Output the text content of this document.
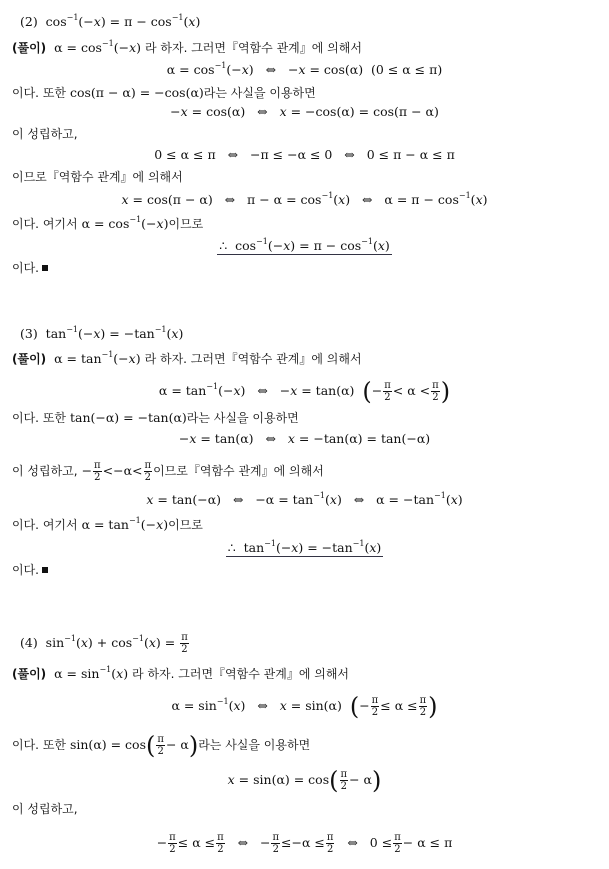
(2)  $\cos^{-1}(-x) = \pi - \cos^{-1}(x)$
(풀이)  $\alpha = \cos^{-1}(-x)$ 라 하자. 그러면『역함수 관계』에 의해서
$\alpha = \cos^{-1}(-x)$   ⇔   −x = cos(α)  (0 ≤ α ≤ π)
이다. 또한 cos(π − α) = −cos(α)라는 사실을 이용하면
−x = cos(α)   ⇔   x = −cos(α) = cos(π − α)
이 성립하고,
0 ≤ α ≤ π   ⇔   −π ≤ −α ≤ 0   ⇔   0 ≤ π − α ≤ π
이므로『역함수 관계』에 의해서
x = cos(π − α)   ⇔   $\pi - \alpha = \cos^{-1}(x)$   ⇔   $\alpha = \pi - \cos^{-1}(x)$
이다. 여기서 $\alpha = \cos^{-1}(-x)$이므로
∴  $\cos^{-1}(-x) = \pi - \cos^{-1}(x)$
이다.
(3)  $\tan^{-1}(-x) = -\tan^{-1}(x)$
(풀이)  $\alpha = \tan^{-1}(-x)$ 라 하자. 그러면『역함수 관계』에 의해서
$\alpha = \tan^{-1}(-x)$   ⇔   −x = tan(α)  (− $\frac{\pi}{2} < \alpha < \frac{\pi}{2}$ )
이다. 또한 tan(−α) = −tan(α)라는 사실을 이용하면
−x = tan(α)   ⇔   x = −tan(α) = tan(−α)
이 성립하고, − $\frac{\pi}{2} <-\alpha< \frac{\pi}{2}$ 이므로『역함수 관계』에 의해서
x = tan(−α)   ⇔   $-\alpha = \tan^{-1}(x)$   ⇔   $\alpha = -\tan^{-1}(x)$
이다. 여기서 $\alpha = \tan^{-1}(-x)$이므로
∴  $\tan^{-1}(-x) = -\tan^{-1}(x)$
이다.
(4)  $\sin^{-1}(x) + \cos^{-1}(x) = \frac{\pi}{2}$
(풀이)  $\alpha = \sin^{-1}(x)$ 라 하자. 그러면『역함수 관계』에 의해서
$\alpha = \sin^{-1}(x)$   ⇔   x = sin(α)  (− $\frac{\pi}{2} \le \alpha \le \frac{\pi}{2}$ )
이다. 또한 $\sin(\alpha) = \cos( \frac{\pi}{2} - \alpha)$라는 사실을 이용하면
$x = \sin(\alpha) = \cos( \frac{\pi}{2} - \alpha)$
이 성립하고,
− $\frac{\pi}{2} \le \alpha \le \frac{\pi}{2}$ ⇔   − $\frac{\pi}{2} \le-\alpha \le \frac{\pi}{2}$ ⇔   $0 \le \frac{\pi}{2} - \alpha \le \pi$
